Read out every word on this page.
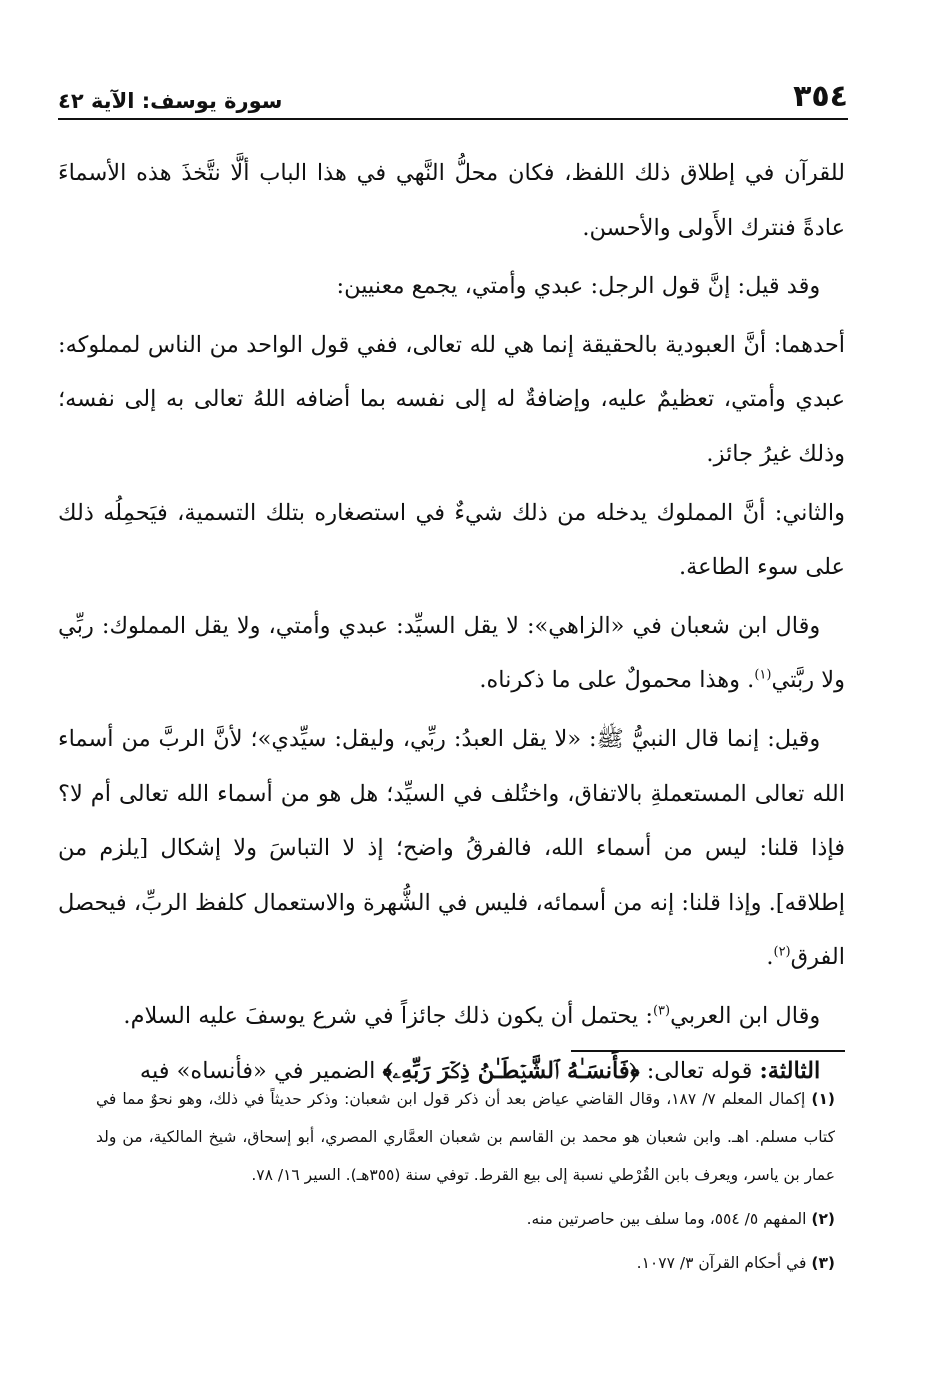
٣٥٤
سورة يوسف: الآية ٤٢

للقرآن في إطلاق ذلك اللفظ، فكان محلُّ النَّهي في هذا الباب ألَّا نتَّخذَ هذه الأسماءَ عادةً فنترك الأَولى والأحسن.

وقد قيل: إنَّ قول الرجل: عبدي وأمتي، يجمع معنيين:

أحدهما: أنَّ العبودية بالحقيقة إنما هي لله تعالى، ففي قول الواحد من الناس لمملوكه: عبدي وأمتي، تعظيمٌ عليه، وإضافةٌ له إلى نفسه بما أضافه اللهُ تعالى به إلى نفسه؛ وذلك غيرُ جائز.

والثاني: أنَّ المملوك يدخله من ذلك شيءٌ في استصغاره بتلك التسمية، فيَحمِلُه ذلك على سوء الطاعة.

وقال ابن شعبان في «الزاهي»: لا يقل السيِّد: عبدي وأمتي، ولا يقل المملوك: ربِّي ولا ربَّتي$^{(١)}$. وهذا محمولٌ على ما ذكرناه.

وقيل: إنما قال النبيُّ ﷺ: «لا يقل العبدُ: ربِّي، وليقل: سيِّدي»؛ لأنَّ الربَّ من أسماء الله تعالى المستعملةِ بالاتفاق، واختُلف في السيِّد؛ هل هو من أسماء الله تعالى أم لا؟ فإذا قلنا: ليس من أسماء الله، فالفرقُ واضح؛ إذ لا التباسَ ولا إشكال [يلزم من إطلاقه]. وإذا قلنا: إنه من أسمائه، فليس في الشُّهرة والاستعمال كلفظ الربِّ، فيحصل الفرق$^{(٢)}$.

وقال ابن العربي$^{(٣)}$: يحتمل أن يكون ذلك جائزاً في شرع يوسفَ عليه السلام.

الثالثة: قوله تعالى: ﴿فَأَنسَـٰهُ ٱلشَّيۡطَـٰنُ ذِكۡرَ رَبِّهِۦ﴾ الضمير في «فأنساه» فيه

(١) إكمال المعلم ٧/ ١٨٧، وقال القاضي عياض بعد أن ذكر قول ابن شعبان: وذكر حديثاً في ذلك، وهو نحوٌ مما في كتاب مسلم. اهـ. وابن شعبان هو محمد بن القاسم بن شعبان العمَّاري المصري، أبو إسحاق، شيخ المالكية، من ولد عمار بن ياسر، ويعرف بابن القُرْطي نسبة إلى بيع القرط. توفي سنة (٣٥٥هـ). السير ١٦/ ٧٨.

(٢) المفهم ٥/ ٥٥٤، وما سلف بين حاصرتين منه.

(٣) في أحكام القرآن ٣/ ١٠٧٧.
